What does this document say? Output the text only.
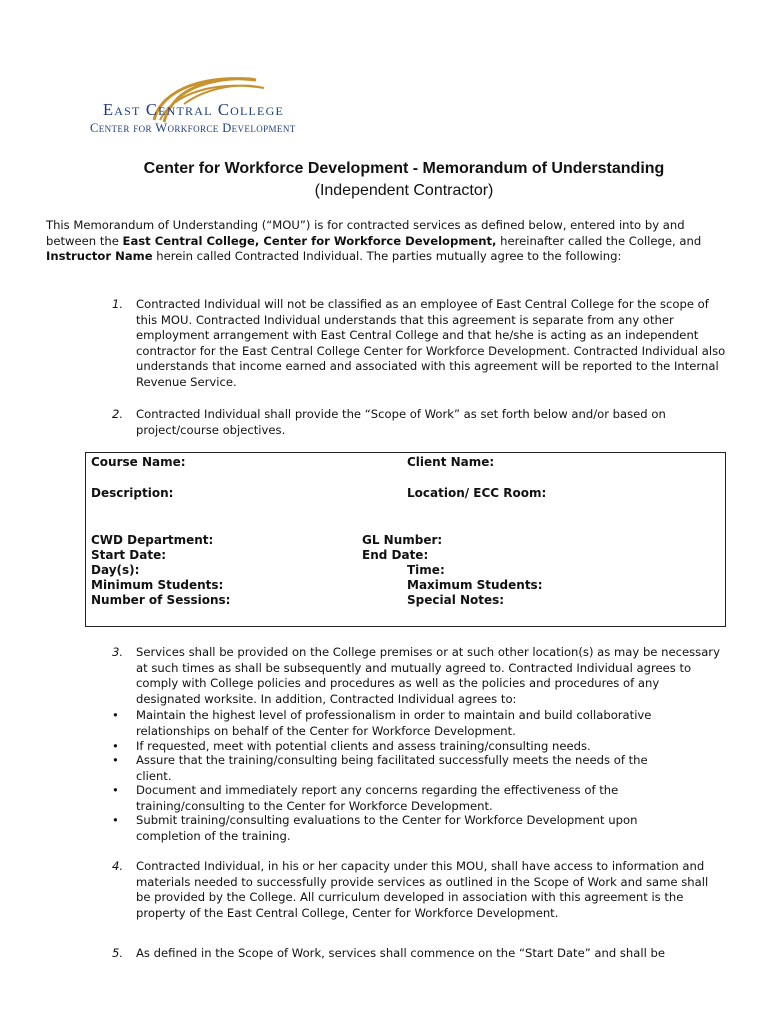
East Central College
Center for Workforce Development
Center for Workforce Development - Memorandum of Understanding
(Independent Contractor)
This Memorandum of Understanding (“MOU”) is for contracted services as defined below, entered into by and between the East Central College, Center for Workforce Development, hereinafter called the College, and Instructor Name herein called Contracted Individual. The parties mutually agree to the following:
1. Contracted Individual will not be classified as an employee of East Central College for the scope of this MOU. Contracted Individual understands that this agreement is separate from any other employment arrangement with East Central College and that he/she is acting as an independent contractor for the East Central College Center for Workforce Development. Contracted Individual also understands that income earned and associated with this agreement will be reported to the Internal Revenue Service.
2. Contracted Individual shall provide the “Scope of Work” as set forth below and/or based on project/course objectives.
Course Name:	Client Name:
Description:	Location/ ECC Room:
CWD Department:	GL Number:
Start Date:	End Date:
Day(s):	Time:
Minimum Students:	Maximum Students:
Number of Sessions:	Special Notes:
3. Services shall be provided on the College premises or at such other location(s) as may be necessary at such times as shall be subsequently and mutually agreed to. Contracted Individual agrees to comply with College policies and procedures as well as the policies and procedures of any designated worksite. In addition, Contracted Individual agrees to:
• Maintain the highest level of professionalism in order to maintain and build collaborative relationships on behalf of the Center for Workforce Development.
• If requested, meet with potential clients and assess training/consulting needs.
• Assure that the training/consulting being facilitated successfully meets the needs of the client.
• Document and immediately report any concerns regarding the effectiveness of the training/consulting to the Center for Workforce Development.
• Submit training/consulting evaluations to the Center for Workforce Development upon completion of the training.
4. Contracted Individual, in his or her capacity under this MOU, shall have access to information and materials needed to successfully provide services as outlined in the Scope of Work and same shall be provided by the College. All curriculum developed in association with this agreement is the property of the East Central College, Center for Workforce Development.
5. As defined in the Scope of Work, services shall commence on the “Start Date” and shall be
